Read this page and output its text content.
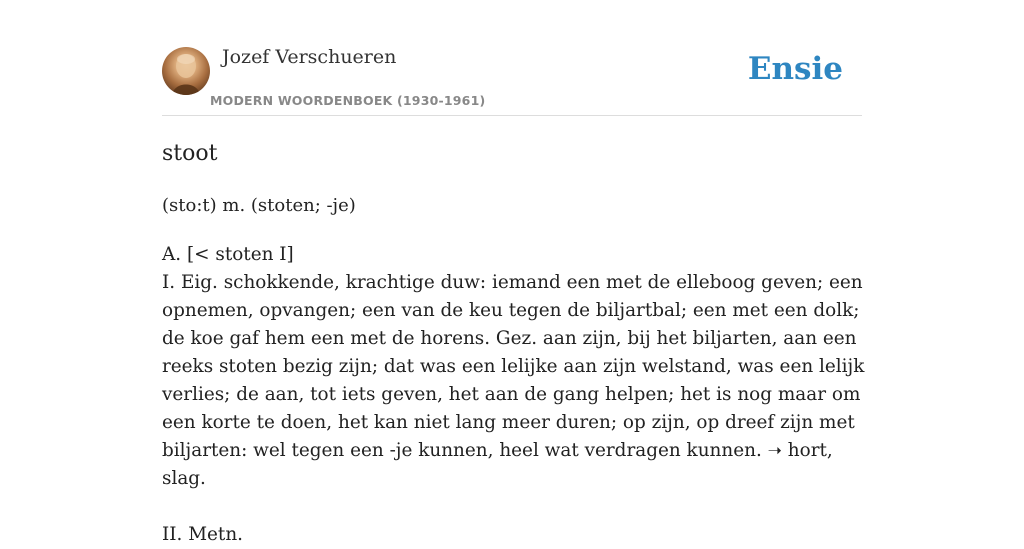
Jozef Verschueren
MODERN WOORDENBOEK (1930-1961)
Ensie
stoot
(sto:t) m. (stoten; -je)

A. [< stoten I]

I. Eig. schokkende, krachtige duw: iemand een met de elleboog geven; een opnemen, opvangen; een van de keu tegen de biljartbal; een met een dolk; de koe gaf hem een met de horens. Gez. aan zijn, bij het biljarten, aan een reeks stoten bezig zijn; dat was een lelijke aan zijn welstand, was een lelijk verlies; de aan, tot iets geven, het aan de gang helpen; het is nog maar om een korte te doen, het kan niet lang meer duren; op zijn, op dreef zijn met biljarten: wel tegen een -je kunnen, heel wat verdragen kunnen. ➝ hort, slag.

II. Metn.
